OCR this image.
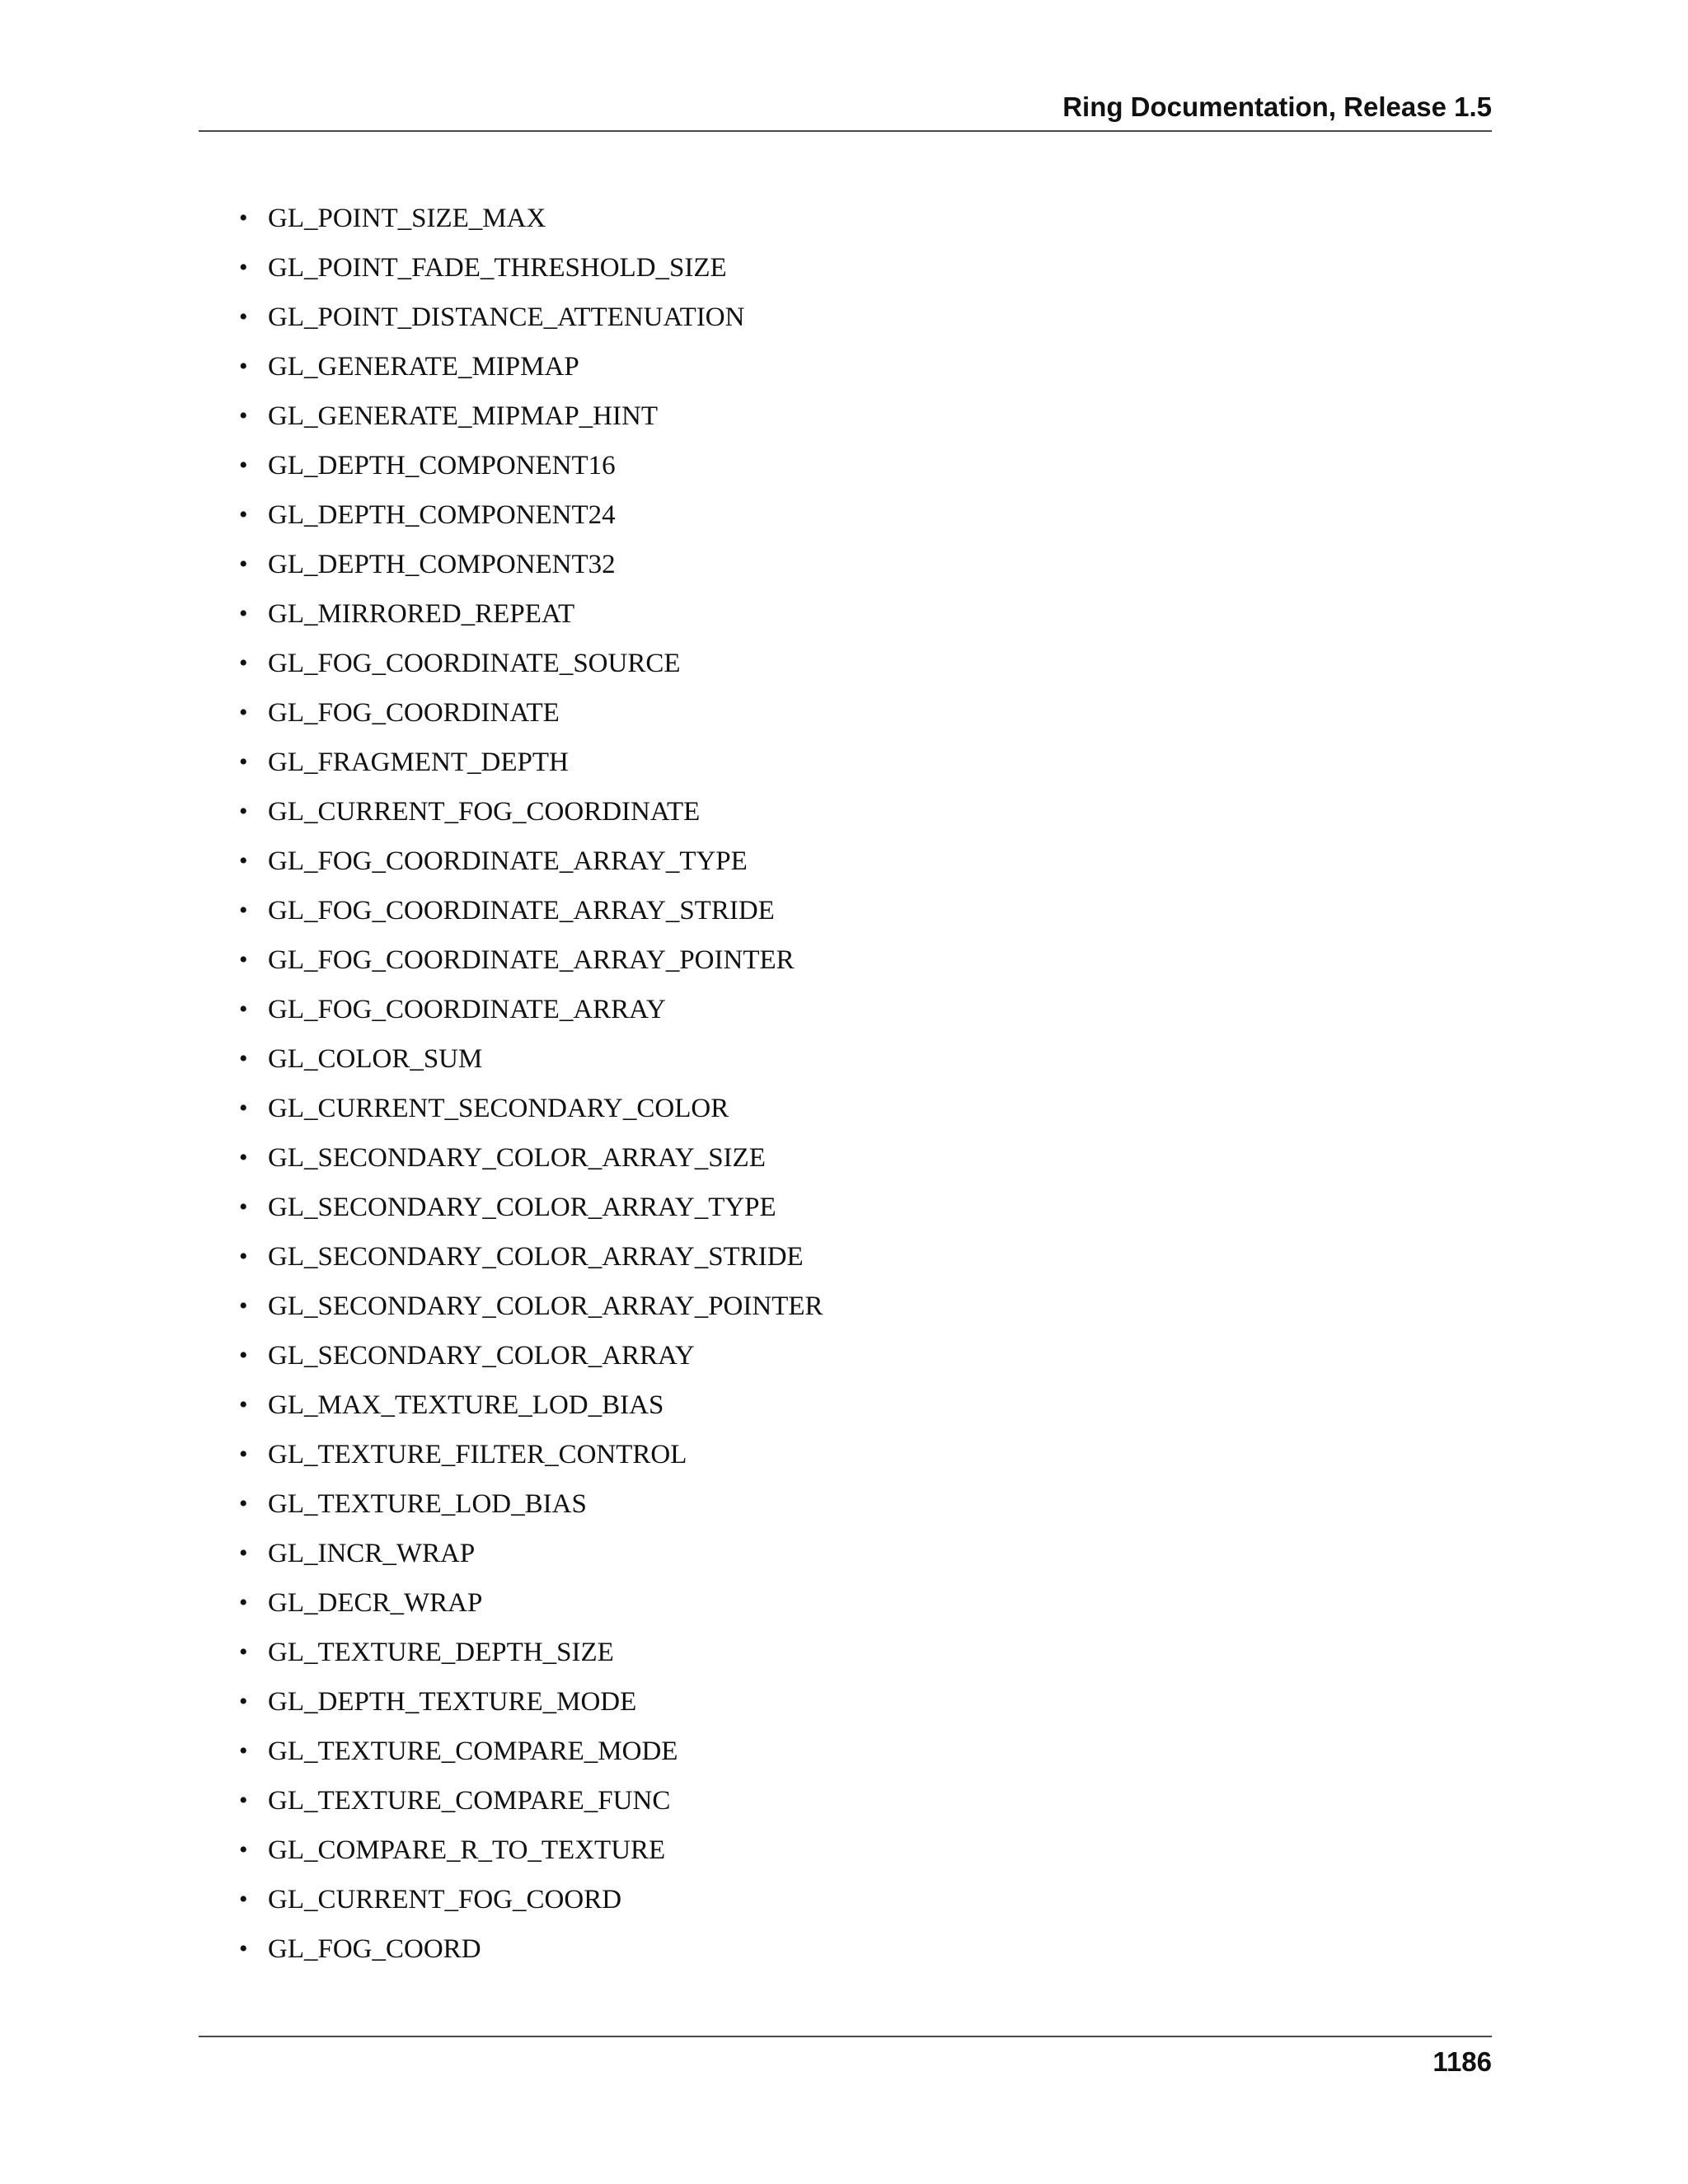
Ring Documentation, Release 1.5
• GL_POINT_SIZE_MAX
• GL_POINT_FADE_THRESHOLD_SIZE
• GL_POINT_DISTANCE_ATTENUATION
• GL_GENERATE_MIPMAP
• GL_GENERATE_MIPMAP_HINT
• GL_DEPTH_COMPONENT16
• GL_DEPTH_COMPONENT24
• GL_DEPTH_COMPONENT32
• GL_MIRRORED_REPEAT
• GL_FOG_COORDINATE_SOURCE
• GL_FOG_COORDINATE
• GL_FRAGMENT_DEPTH
• GL_CURRENT_FOG_COORDINATE
• GL_FOG_COORDINATE_ARRAY_TYPE
• GL_FOG_COORDINATE_ARRAY_STRIDE
• GL_FOG_COORDINATE_ARRAY_POINTER
• GL_FOG_COORDINATE_ARRAY
• GL_COLOR_SUM
• GL_CURRENT_SECONDARY_COLOR
• GL_SECONDARY_COLOR_ARRAY_SIZE
• GL_SECONDARY_COLOR_ARRAY_TYPE
• GL_SECONDARY_COLOR_ARRAY_STRIDE
• GL_SECONDARY_COLOR_ARRAY_POINTER
• GL_SECONDARY_COLOR_ARRAY
• GL_MAX_TEXTURE_LOD_BIAS
• GL_TEXTURE_FILTER_CONTROL
• GL_TEXTURE_LOD_BIAS
• GL_INCR_WRAP
• GL_DECR_WRAP
• GL_TEXTURE_DEPTH_SIZE
• GL_DEPTH_TEXTURE_MODE
• GL_TEXTURE_COMPARE_MODE
• GL_TEXTURE_COMPARE_FUNC
• GL_COMPARE_R_TO_TEXTURE
• GL_CURRENT_FOG_COORD
• GL_FOG_COORD
1186
